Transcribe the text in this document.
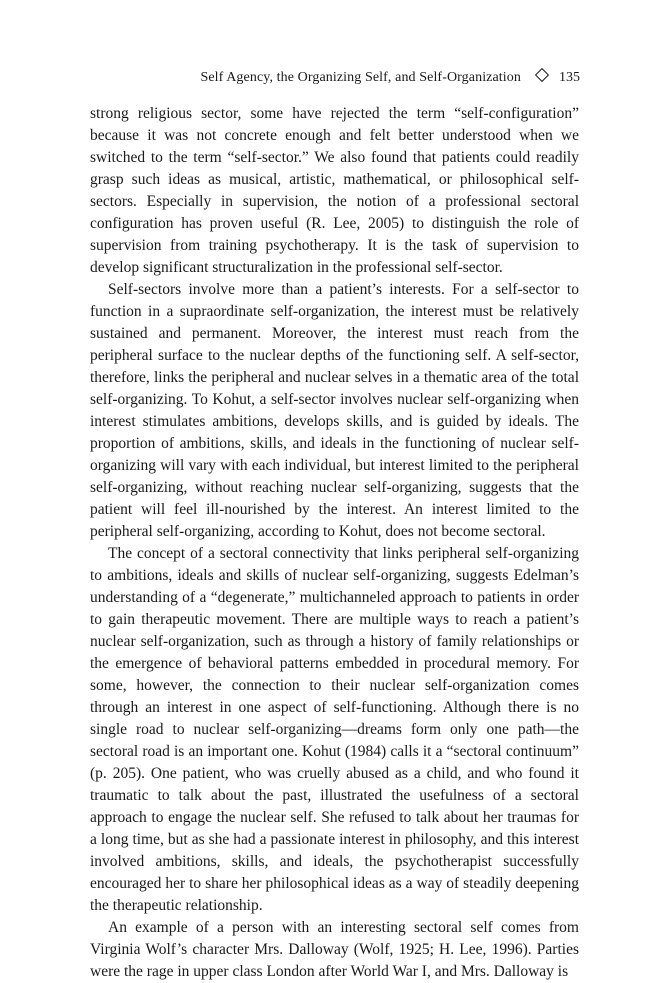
Self Agency, the Organizing Self, and Self-Organization	135

strong religious sector, some have rejected the term “self-configuration” because it was not concrete enough and felt better understood when we switched to the term “self-sector.” We also found that patients could readily grasp such ideas as musical, artistic, mathematical, or philosophical self-sectors. Especially in supervision, the notion of a professional sectoral configuration has proven useful (R. Lee, 2005) to distinguish the role of supervision from training psychotherapy. It is the task of supervision to develop significant structuralization in the professional self-sector.

Self-sectors involve more than a patient’s interests. For a self-sector to function in a supraordinate self-organization, the interest must be relatively sustained and permanent. Moreover, the interest must reach from the peripheral surface to the nuclear depths of the functioning self. A self-sector, therefore, links the peripheral and nuclear selves in a thematic area of the total self-organizing. To Kohut, a self-sector involves nuclear self-organizing when interest stimulates ambitions, develops skills, and is guided by ideals. The proportion of ambitions, skills, and ideals in the functioning of nuclear self-organizing will vary with each individual, but interest limited to the peripheral self-organizing, without reaching nuclear self-organizing, suggests that the patient will feel ill-nourished by the interest. An interest limited to the peripheral self-organizing, according to Kohut, does not become sectoral.

The concept of a sectoral connectivity that links peripheral self-organizing to ambitions, ideals and skills of nuclear self-organizing, suggests Edelman’s understanding of a “degenerate,” multichanneled approach to patients in order to gain therapeutic movement. There are multiple ways to reach a patient’s nuclear self-organization, such as through a history of family relationships or the emergence of behavioral patterns embedded in procedural memory. For some, however, the connection to their nuclear self-organization comes through an interest in one aspect of self-functioning. Although there is no single road to nuclear self-organizing—dreams form only one path—the sectoral road is an important one. Kohut (1984) calls it a “sectoral continuum” (p. 205). One patient, who was cruelly abused as a child, and who found it traumatic to talk about the past, illustrated the usefulness of a sectoral approach to engage the nuclear self. She refused to talk about her traumas for a long time, but as she had a passionate interest in philosophy, and this interest involved ambitions, skills, and ideals, the psychotherapist successfully encouraged her to share her philosophical ideas as a way of steadily deepening the therapeutic relationship.

An example of a person with an interesting sectoral self comes from Virginia Wolf’s character Mrs. Dalloway (Wolf, 1925; H. Lee, 1996). Parties were the rage in upper class London after World War I, and Mrs. Dalloway is
